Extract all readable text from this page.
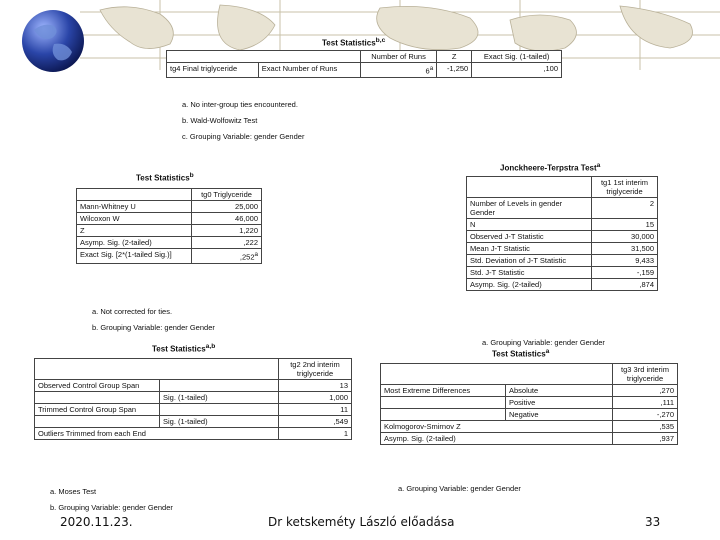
Test Statistics$^{b,c}$
		Number of Runs	Z	Exact Sig. (1-tailed)
tg4 Final triglyceride	Exact Number of Runs	6$^a$	-1,250	,100
a. No inter-group ties encountered.
b. Wald-Wolfowitz Test
c. Grouping Variable: gender Gender
Test Statistics$^b$
	tg0 Triglyceride
Mann-Whitney U	25,000
Wilcoxon W	46,000
Z	1,220
Asymp. Sig. (2-tailed)	,222
Exact Sig. [2*(1-tailed Sig.)]	,252$^a$
a. Not corrected for ties.
b. Grouping Variable: gender Gender
Jonckheere-Terpstra Test$^a$
	tg1 1st interim triglyceride
Number of Levels in gender Gender	2
N	15
Observed J-T Statistic	30,000
Mean J-T Statistic	31,500
Std. Deviation of J-T Statistic	9,433
Std. J-T Statistic	-,159
Asymp. Sig. (2-tailed)	,874
a. Grouping Variable: gender Gender
Test Statistics$^{a,b}$
		tg2 2nd interim triglyceride
Observed Control Group Span		13
	Sig. (1-tailed)	1,000
Trimmed Control Group Span		11
	Sig. (1-tailed)	,549
Outliers Trimmed from each End		1
a. Moses Test
b. Grouping Variable: gender Gender
Test Statistics$^a$
		tg3 3rd interim triglyceride
Most Extreme Differences	Absolute	,270
	Positive	,111
	Negative	-,270
Kolmogorov-Smirnov Z		,535
Asymp. Sig. (2-tailed)		,937
a. Grouping Variable: gender Gender
2020.11.23.	Dr ketskeméty László előadása	33
